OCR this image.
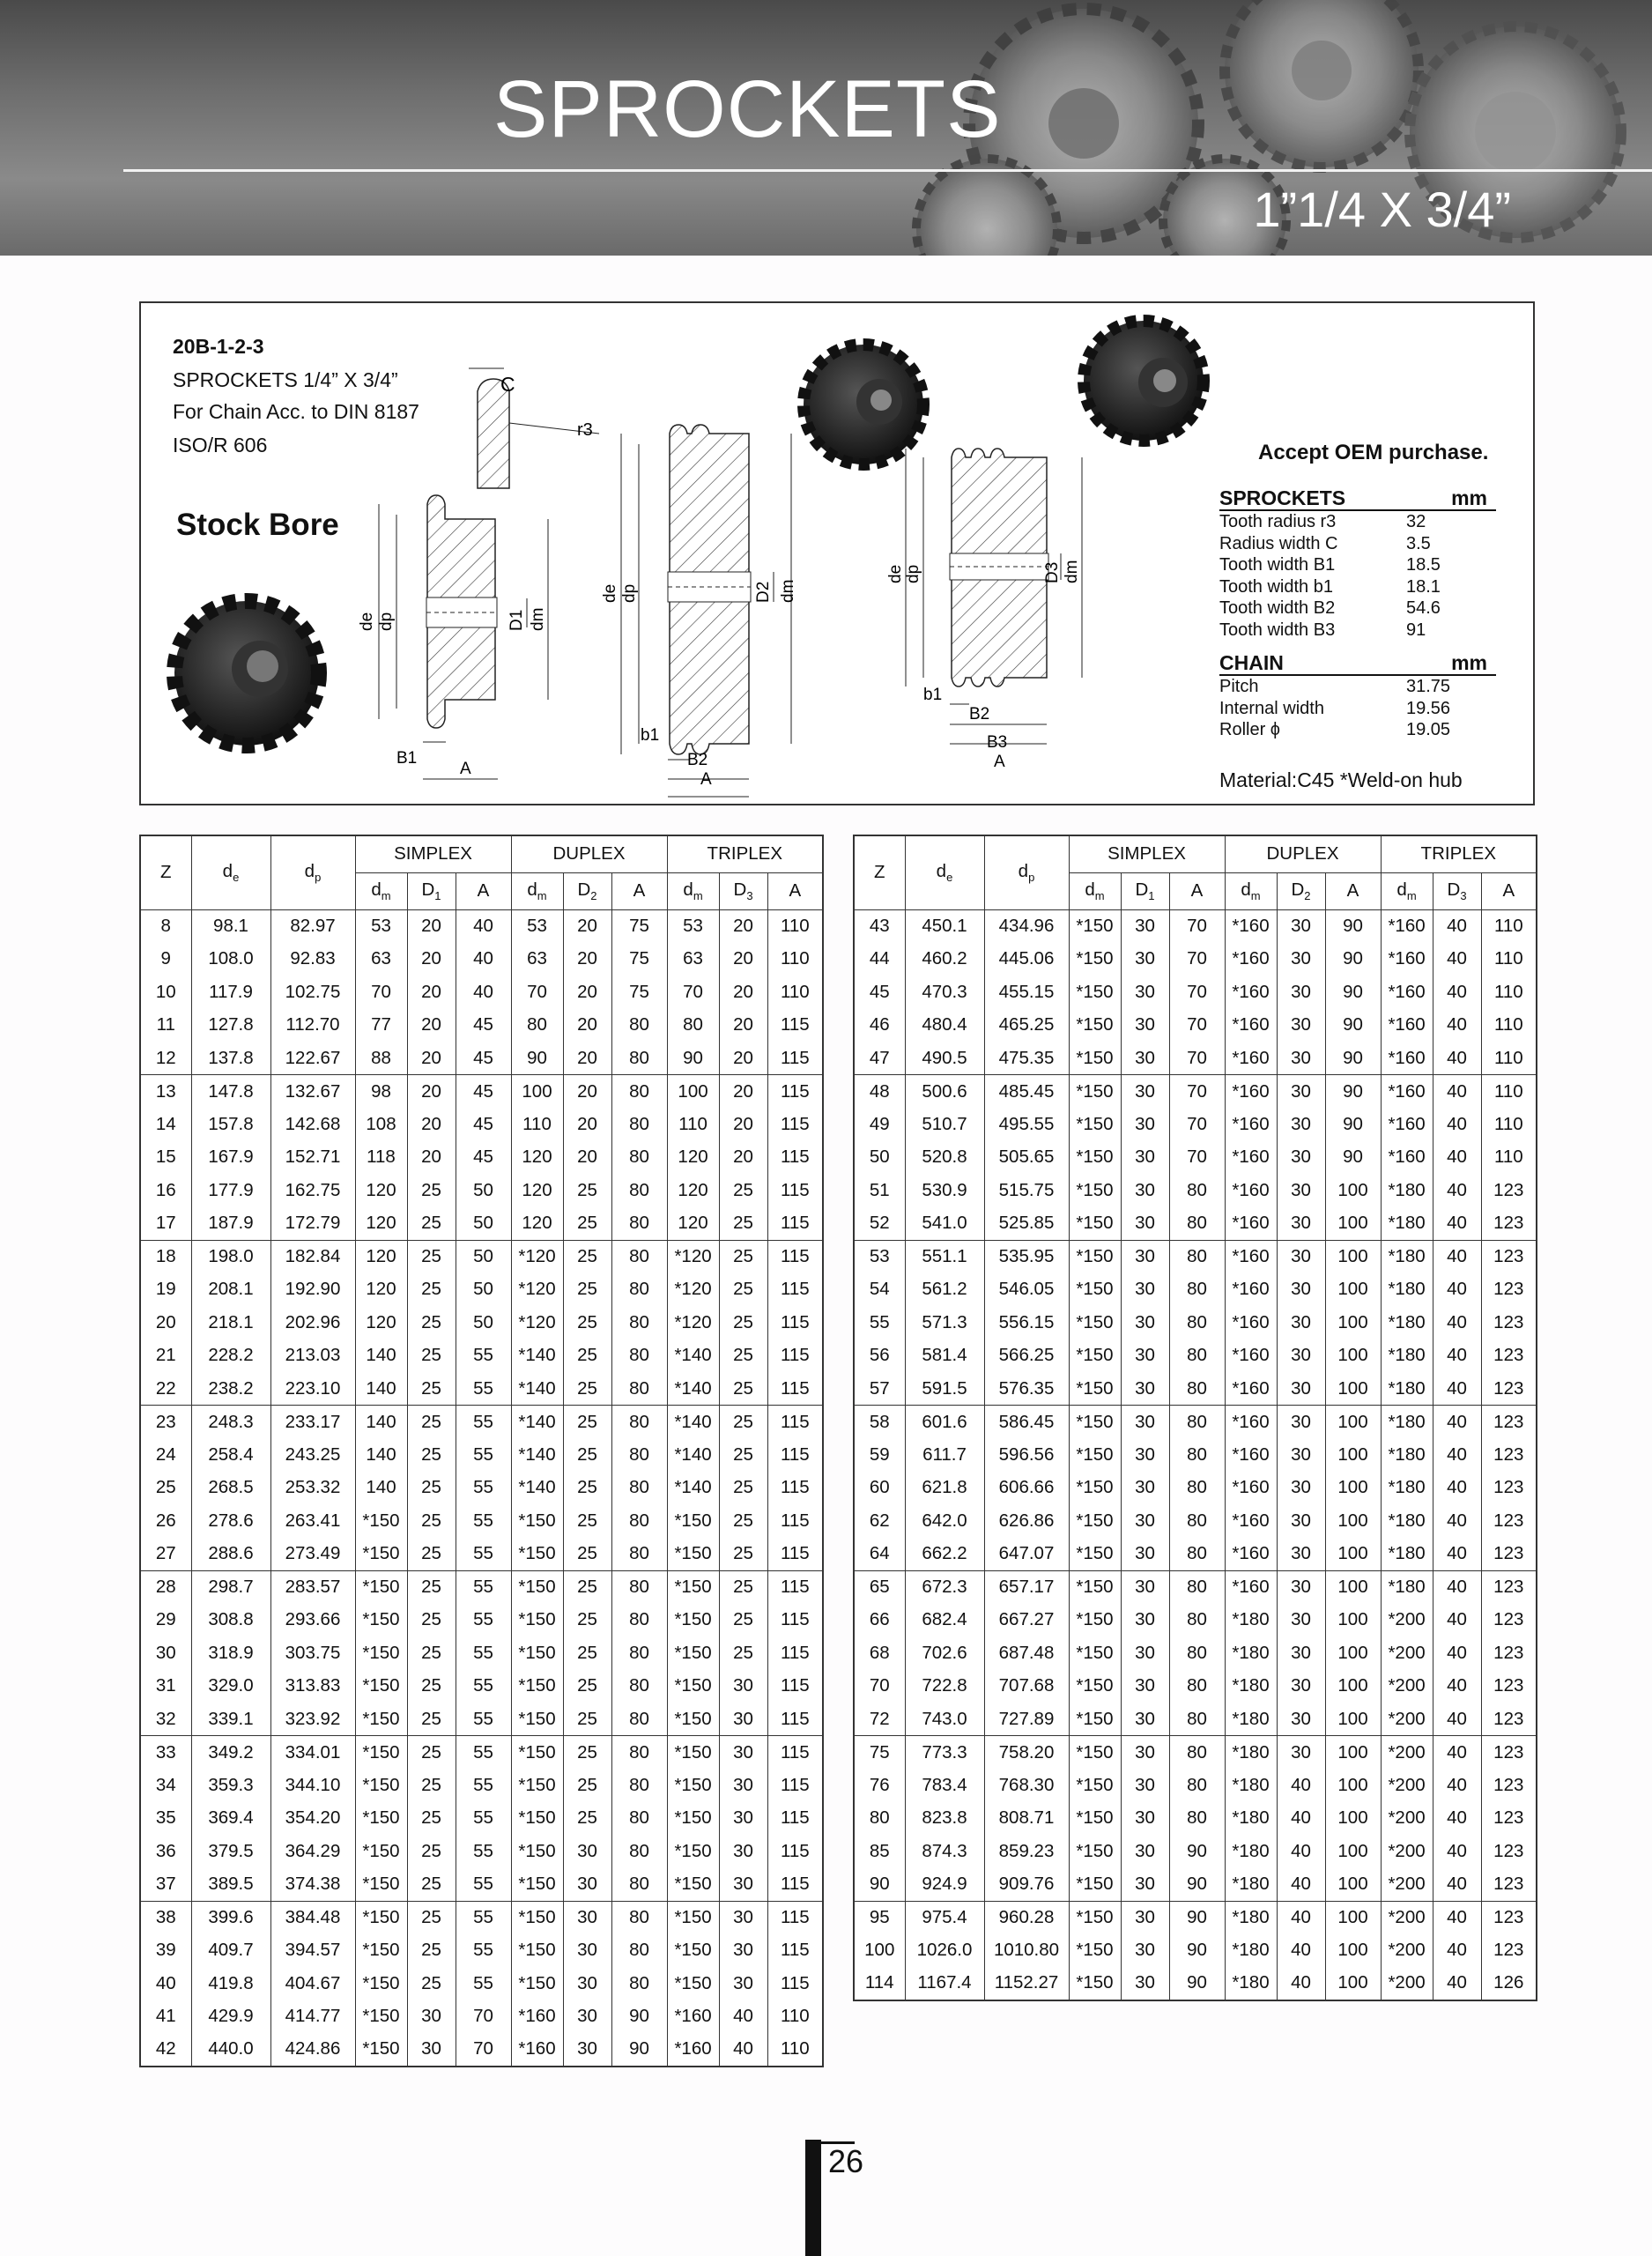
SPROCKETS
1”1/4 X 3/4”
C
r3
de dp	D1 dm
B1
A
de dp	D2 dm
b1
B2
A
de dp	D3 dm
b1
B2
B3
A
20B-1-2-3
SPROCKETS 1/4” X 3/4”
For Chain Acc. to DIN 8187
ISO/R 606
Stock Bore
Accept OEM purchase.
SPROCKETS	mm
Tooth radius r3	32
Radius width C	3.5
Tooth width B1	18.5
Tooth width b1	18.1
Tooth width B2	54.6
Tooth width B3	91
CHAIN	mm
Pitch	31.75
Internal width	19.56
Roller ϕ	19.05
Material:C45 *Weld-on hub
Z	$d_e$	$d_p$	SIMPLEX			DUPLEX			TRIPLEX		
			$d_m$	$D_1$	A	$d_m$	$D_2$	A	$d_m$	$D_3$	A
8	98.1	82.97	53	20	40	53	20	75	53	20	110
9	108.0	92.83	63	20	40	63	20	75	63	20	110
10	117.9	102.75	70	20	40	70	20	75	70	20	110
11	127.8	112.70	77	20	45	80	20	80	80	20	115
12	137.8	122.67	88	20	45	90	20	80	90	20	115
13	147.8	132.67	98	20	45	100	20	80	100	20	115
14	157.8	142.68	108	20	45	110	20	80	110	20	115
15	167.9	152.71	118	20	45	120	20	80	120	20	115
16	177.9	162.75	120	25	50	120	25	80	120	25	115
17	187.9	172.79	120	25	50	120	25	80	120	25	115
18	198.0	182.84	120	25	50	*120	25	80	*120	25	115
19	208.1	192.90	120	25	50	*120	25	80	*120	25	115
20	218.1	202.96	120	25	50	*120	25	80	*120	25	115
21	228.2	213.03	140	25	55	*140	25	80	*140	25	115
22	238.2	223.10	140	25	55	*140	25	80	*140	25	115
23	248.3	233.17	140	25	55	*140	25	80	*140	25	115
24	258.4	243.25	140	25	55	*140	25	80	*140	25	115
25	268.5	253.32	140	25	55	*140	25	80	*140	25	115
26	278.6	263.41	*150	25	55	*150	25	80	*150	25	115
27	288.6	273.49	*150	25	55	*150	25	80	*150	25	115
28	298.7	283.57	*150	25	55	*150	25	80	*150	25	115
29	308.8	293.66	*150	25	55	*150	25	80	*150	25	115
30	318.9	303.75	*150	25	55	*150	25	80	*150	25	115
31	329.0	313.83	*150	25	55	*150	25	80	*150	30	115
32	339.1	323.92	*150	25	55	*150	25	80	*150	30	115
33	349.2	334.01	*150	25	55	*150	25	80	*150	30	115
34	359.3	344.10	*150	25	55	*150	25	80	*150	30	115
35	369.4	354.20	*150	25	55	*150	25	80	*150	30	115
36	379.5	364.29	*150	25	55	*150	30	80	*150	30	115
37	389.5	374.38	*150	25	55	*150	30	80	*150	30	115
38	399.6	384.48	*150	25	55	*150	30	80	*150	30	115
39	409.7	394.57	*150	25	55	*150	30	80	*150	30	115
40	419.8	404.67	*150	25	55	*150	30	80	*150	30	115
41	429.9	414.77	*150	30	70	*160	30	90	*160	40	110
42	440.0	424.86	*150	30	70	*160	30	90	*160	40	110
Z	$d_e$	$d_p$	SIMPLEX			DUPLEX			TRIPLEX		
			$d_m$	$D_1$	A	$d_m$	$D_2$	A	$d_m$	$D_3$	A
43	450.1	434.96	*150	30	70	*160	30	90	*160	40	110
44	460.2	445.06	*150	30	70	*160	30	90	*160	40	110
45	470.3	455.15	*150	30	70	*160	30	90	*160	40	110
46	480.4	465.25	*150	30	70	*160	30	90	*160	40	110
47	490.5	475.35	*150	30	70	*160	30	90	*160	40	110
48	500.6	485.45	*150	30	70	*160	30	90	*160	40	110
49	510.7	495.55	*150	30	70	*160	30	90	*160	40	110
50	520.8	505.65	*150	30	70	*160	30	90	*160	40	110
51	530.9	515.75	*150	30	80	*160	30	100	*180	40	123
52	541.0	525.85	*150	30	80	*160	30	100	*180	40	123
53	551.1	535.95	*150	30	80	*160	30	100	*180	40	123
54	561.2	546.05	*150	30	80	*160	30	100	*180	40	123
55	571.3	556.15	*150	30	80	*160	30	100	*180	40	123
56	581.4	566.25	*150	30	80	*160	30	100	*180	40	123
57	591.5	576.35	*150	30	80	*160	30	100	*180	40	123
58	601.6	586.45	*150	30	80	*160	30	100	*180	40	123
59	611.7	596.56	*150	30	80	*160	30	100	*180	40	123
60	621.8	606.66	*150	30	80	*160	30	100	*180	40	123
62	642.0	626.86	*150	30	80	*160	30	100	*180	40	123
64	662.2	647.07	*150	30	80	*160	30	100	*180	40	123
65	672.3	657.17	*150	30	80	*160	30	100	*180	40	123
66	682.4	667.27	*150	30	80	*180	30	100	*200	40	123
68	702.6	687.48	*150	30	80	*180	30	100	*200	40	123
70	722.8	707.68	*150	30	80	*180	30	100	*200	40	123
72	743.0	727.89	*150	30	80	*180	30	100	*200	40	123
75	773.3	758.20	*150	30	80	*180	30	100	*200	40	123
76	783.4	768.30	*150	30	80	*180	40	100	*200	40	123
80	823.8	808.71	*150	30	80	*180	40	100	*200	40	123
85	874.3	859.23	*150	30	90	*180	40	100	*200	40	123
90	924.9	909.76	*150	30	90	*180	40	100	*200	40	123
95	975.4	960.28	*150	30	90	*180	40	100	*200	40	123
100	1026.0	1010.80	*150	30	90	*180	40	100	*200	40	123
114	1167.4	1152.27	*150	30	90	*180	40	100	*200	40	126
26
